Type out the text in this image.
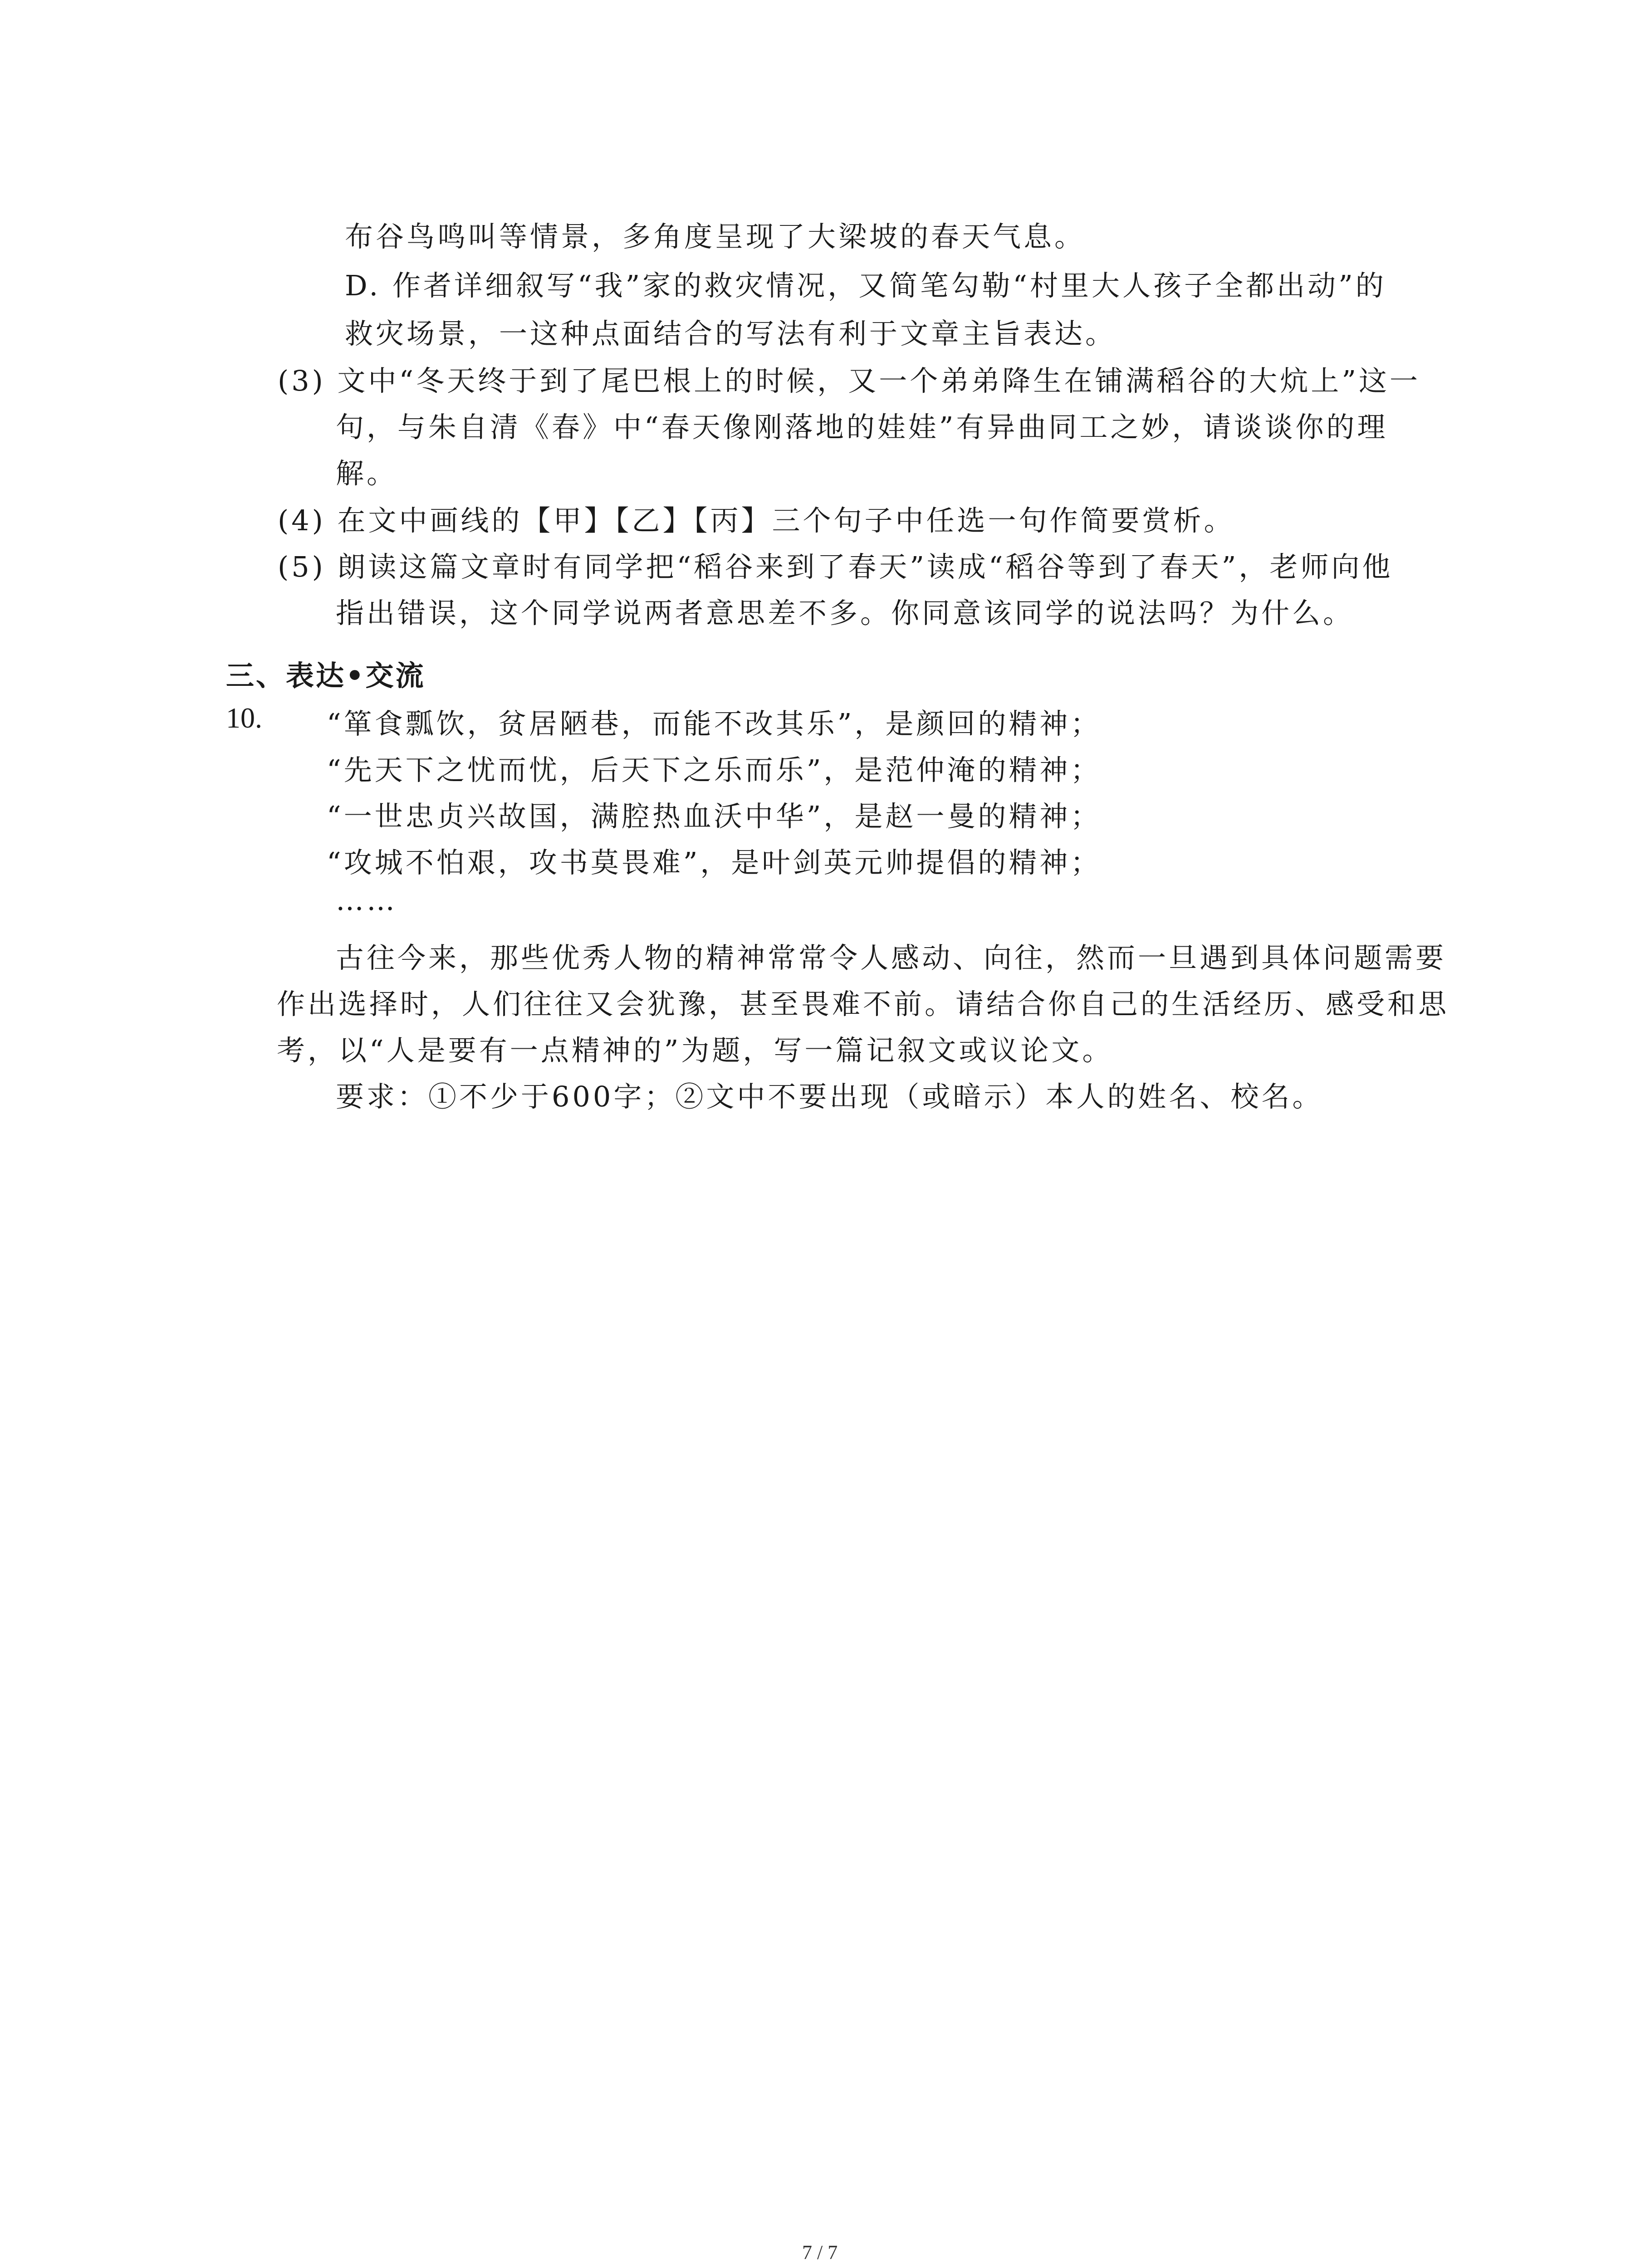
布谷鸟鸣叫等情景，多角度呈现了大梁坡的春天气息。
D. 作者详细叙写“我”家的救灾情况，又简笔勾勒“村里大人孩子全都出动”的
救灾场景，一这种点面结合的写法有利于文章主旨表达。
(3) 文中“冬天终于到了尾巴根上的时候，又一个弟弟降生在铺满稻谷的大炕上”这一
句，与朱自清《春》中“春天像刚落地的娃娃”有异曲同工之妙，请谈谈你的理
解。
(4) 在文中画线的【甲】【乙】【丙】三个句子中任选一句作简要赏析。
(5) 朗读这篇文章时有同学把“稻谷来到了春天”读成“稻谷等到了春天”，老师向他
指出错误，这个同学说两者意思差不多。你同意该同学的说法吗？为什么。
三、表达•交流
10. “箪食瓢饮，贫居陋巷，而能不改其乐”，是颜回的精神；
“先天下之忧而忧，后天下之乐而乐”，是范仲淹的精神；
“一世忠贞兴故国，满腔热血沃中华”，是赵一曼的精神；
“攻城不怕艰，攻书莫畏难”，是叶剑英元帅提倡的精神；
……
古往今来，那些优秀人物的精神常常令人感动、向往，然而一旦遇到具体问题需要
作出选择时，人们往往又会犹豫，甚至畏难不前。请结合你自己的生活经历、感受和思
考，以“人是要有一点精神的”为题，写一篇记叙文或议论文。
要求：①不少于600字；②文中不要出现（或暗示）本人的姓名、校名。
7 / 7
